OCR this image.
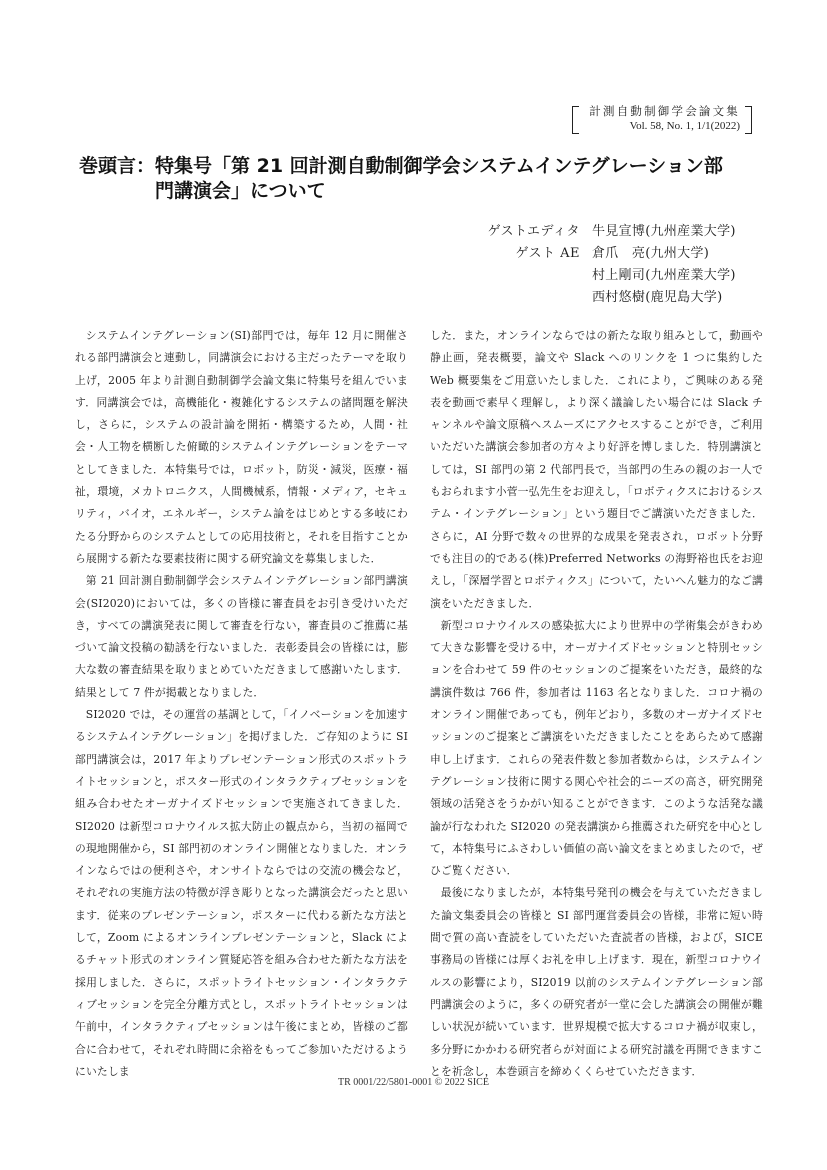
計測自動制御学会論文集
Vol. 58, No. 1, 1/1(2022)
巻頭言：特集号「第 21 回計測自動制御学会システムインテグレーション部
門講演会」について
ゲストエディタ 牛見宣博(九州産業大学)
ゲスト AE 倉爪　亮(九州大学)
村上剛司(九州産業大学)
西村悠樹(鹿児島大学)

システムインテグレーション(SI)部門では，毎年 12 月に開催される部門講演会と連動し，同講演会における主だったテーマを取り上げ，2005 年より計測自動制御学会論文集に特集号を組んでいます．同講演会では，高機能化・複雑化するシステムの諸問題を解決し，さらに，システムの設計論を開拓・構築するため，人間・社会・人工物を横断した俯瞰的システムインテグレーションをテーマとしてきました．本特集号では，ロボット，防災・減災，医療・福祉，環境，メカトロニクス，人間機械系，情報・メディア，セキュリティ，バイオ，エネルギー，システム論をはじめとする多岐にわたる分野からのシステムとしての応用技術と，それを目指すことから展開する新たな要素技術に関する研究論文を募集しました．

第 21 回計測自動制御学会システムインテグレーション部門講演会(SI2020)においては，多くの皆様に審査員をお引き受けいただき，すべての講演発表に関して審査を行ない，審査員のご推薦に基づいて論文投稿の勧誘を行ないました．表彰委員会の皆様には，膨大な数の審査結果を取りまとめていただきまして感謝いたします．結果として 7 件が掲載となりました．

SI2020 では，その運営の基調として，「イノベーションを加速するシステムインテグレーション」を掲げました．ご存知のように SI 部門講演会は，2017 年よりプレゼンテーション形式のスポットライトセッションと，ポスター形式のインタラクティブセッションを組み合わせたオーガナイズドセッションで実施されてきました．SI2020 は新型コロナウイルス拡大防止の観点から，当初の福岡での現地開催から，SI 部門初のオンライン開催となりました．オンラインならではの便利さや，オンサイトならではの交流の機会など，それぞれの実施方法の特徴が浮き彫りとなった講演会だったと思います．従来のプレゼンテーション，ポスターに代わる新たな方法として，Zoom によるオンラインプレゼンテーションと，Slack によるチャット形式のオンライン質疑応答を組み合わせた新たな方法を採用しました．さらに，スポットライトセッション・インタラクティブセッションを完全分離方式とし，スポットライトセッションは午前中，インタラクティブセッションは午後にまとめ，皆様のご都合に合わせて，それぞれ時間に余裕をもってご参加いただけるようにいたしま

した．また，オンラインならではの新たな取り組みとして，動画や静止画，発表概要，論文や Slack へのリンクを 1 つに集約した Web 概要集をご用意いたしました．これにより，ご興味のある発表を動画で素早く理解し，より深く議論したい場合には Slack チャンネルや論文原稿へスムーズにアクセスすることができ，ご利用いただいた講演会参加者の方々より好評を博しました．特別講演としては，SI 部門の第 2 代部門長で，当部門の生みの親のお一人でもおられます小菅一弘先生をお迎えし，「ロボティクスにおけるシステム・インテグレーション」という題目でご講演いただきました．さらに，AI 分野で数々の世界的な成果を発表され，ロボット分野でも注目の的である(株)Preferred Networks の海野裕也氏をお迎えし，「深層学習とロボティクス」について，たいへん魅力的なご講演をいただきました．

新型コロナウイルスの感染拡大により世界中の学術集会がきわめて大きな影響を受ける中，オーガナイズドセッションと特別セッションを合わせて 59 件のセッションのご提案をいただき，最終的な講演件数は 766 件，参加者は 1163 名となりました．コロナ禍のオンライン開催であっても，例年どおり，多数のオーガナイズドセッションのご提案とご講演をいただきましたことをあらためて感謝申し上げます．これらの発表件数と参加者数からは，システムインテグレーション技術に関する関心や社会的ニーズの高さ，研究開発領域の活発さをうかがい知ることができます．このような活発な議論が行なわれた SI2020 の発表講演から推薦された研究を中心として，本特集号にふさわしい価値の高い論文をまとめましたので，ぜひご覧ください．

最後になりましたが，本特集号発刊の機会を与えていただきました論文集委員会の皆様と SI 部門運営委員会の皆様，非常に短い時間で質の高い査読をしていただいた査読者の皆様，および，SICE 事務局の皆様には厚くお礼を申し上げます．現在，新型コロナウイルスの影響により，SI2019 以前のシステムインテグレーション部門講演会のように，多くの研究者が一堂に会した講演会の開催が難しい状況が続いています．世界規模で拡大するコロナ禍が収束し，多分野にかかわる研究者らが対面による研究討議を再開できますことを祈念し，本巻頭言を締めくくらせていただきます．

TR 0001/22/5801-0001 © 2022 SICE
